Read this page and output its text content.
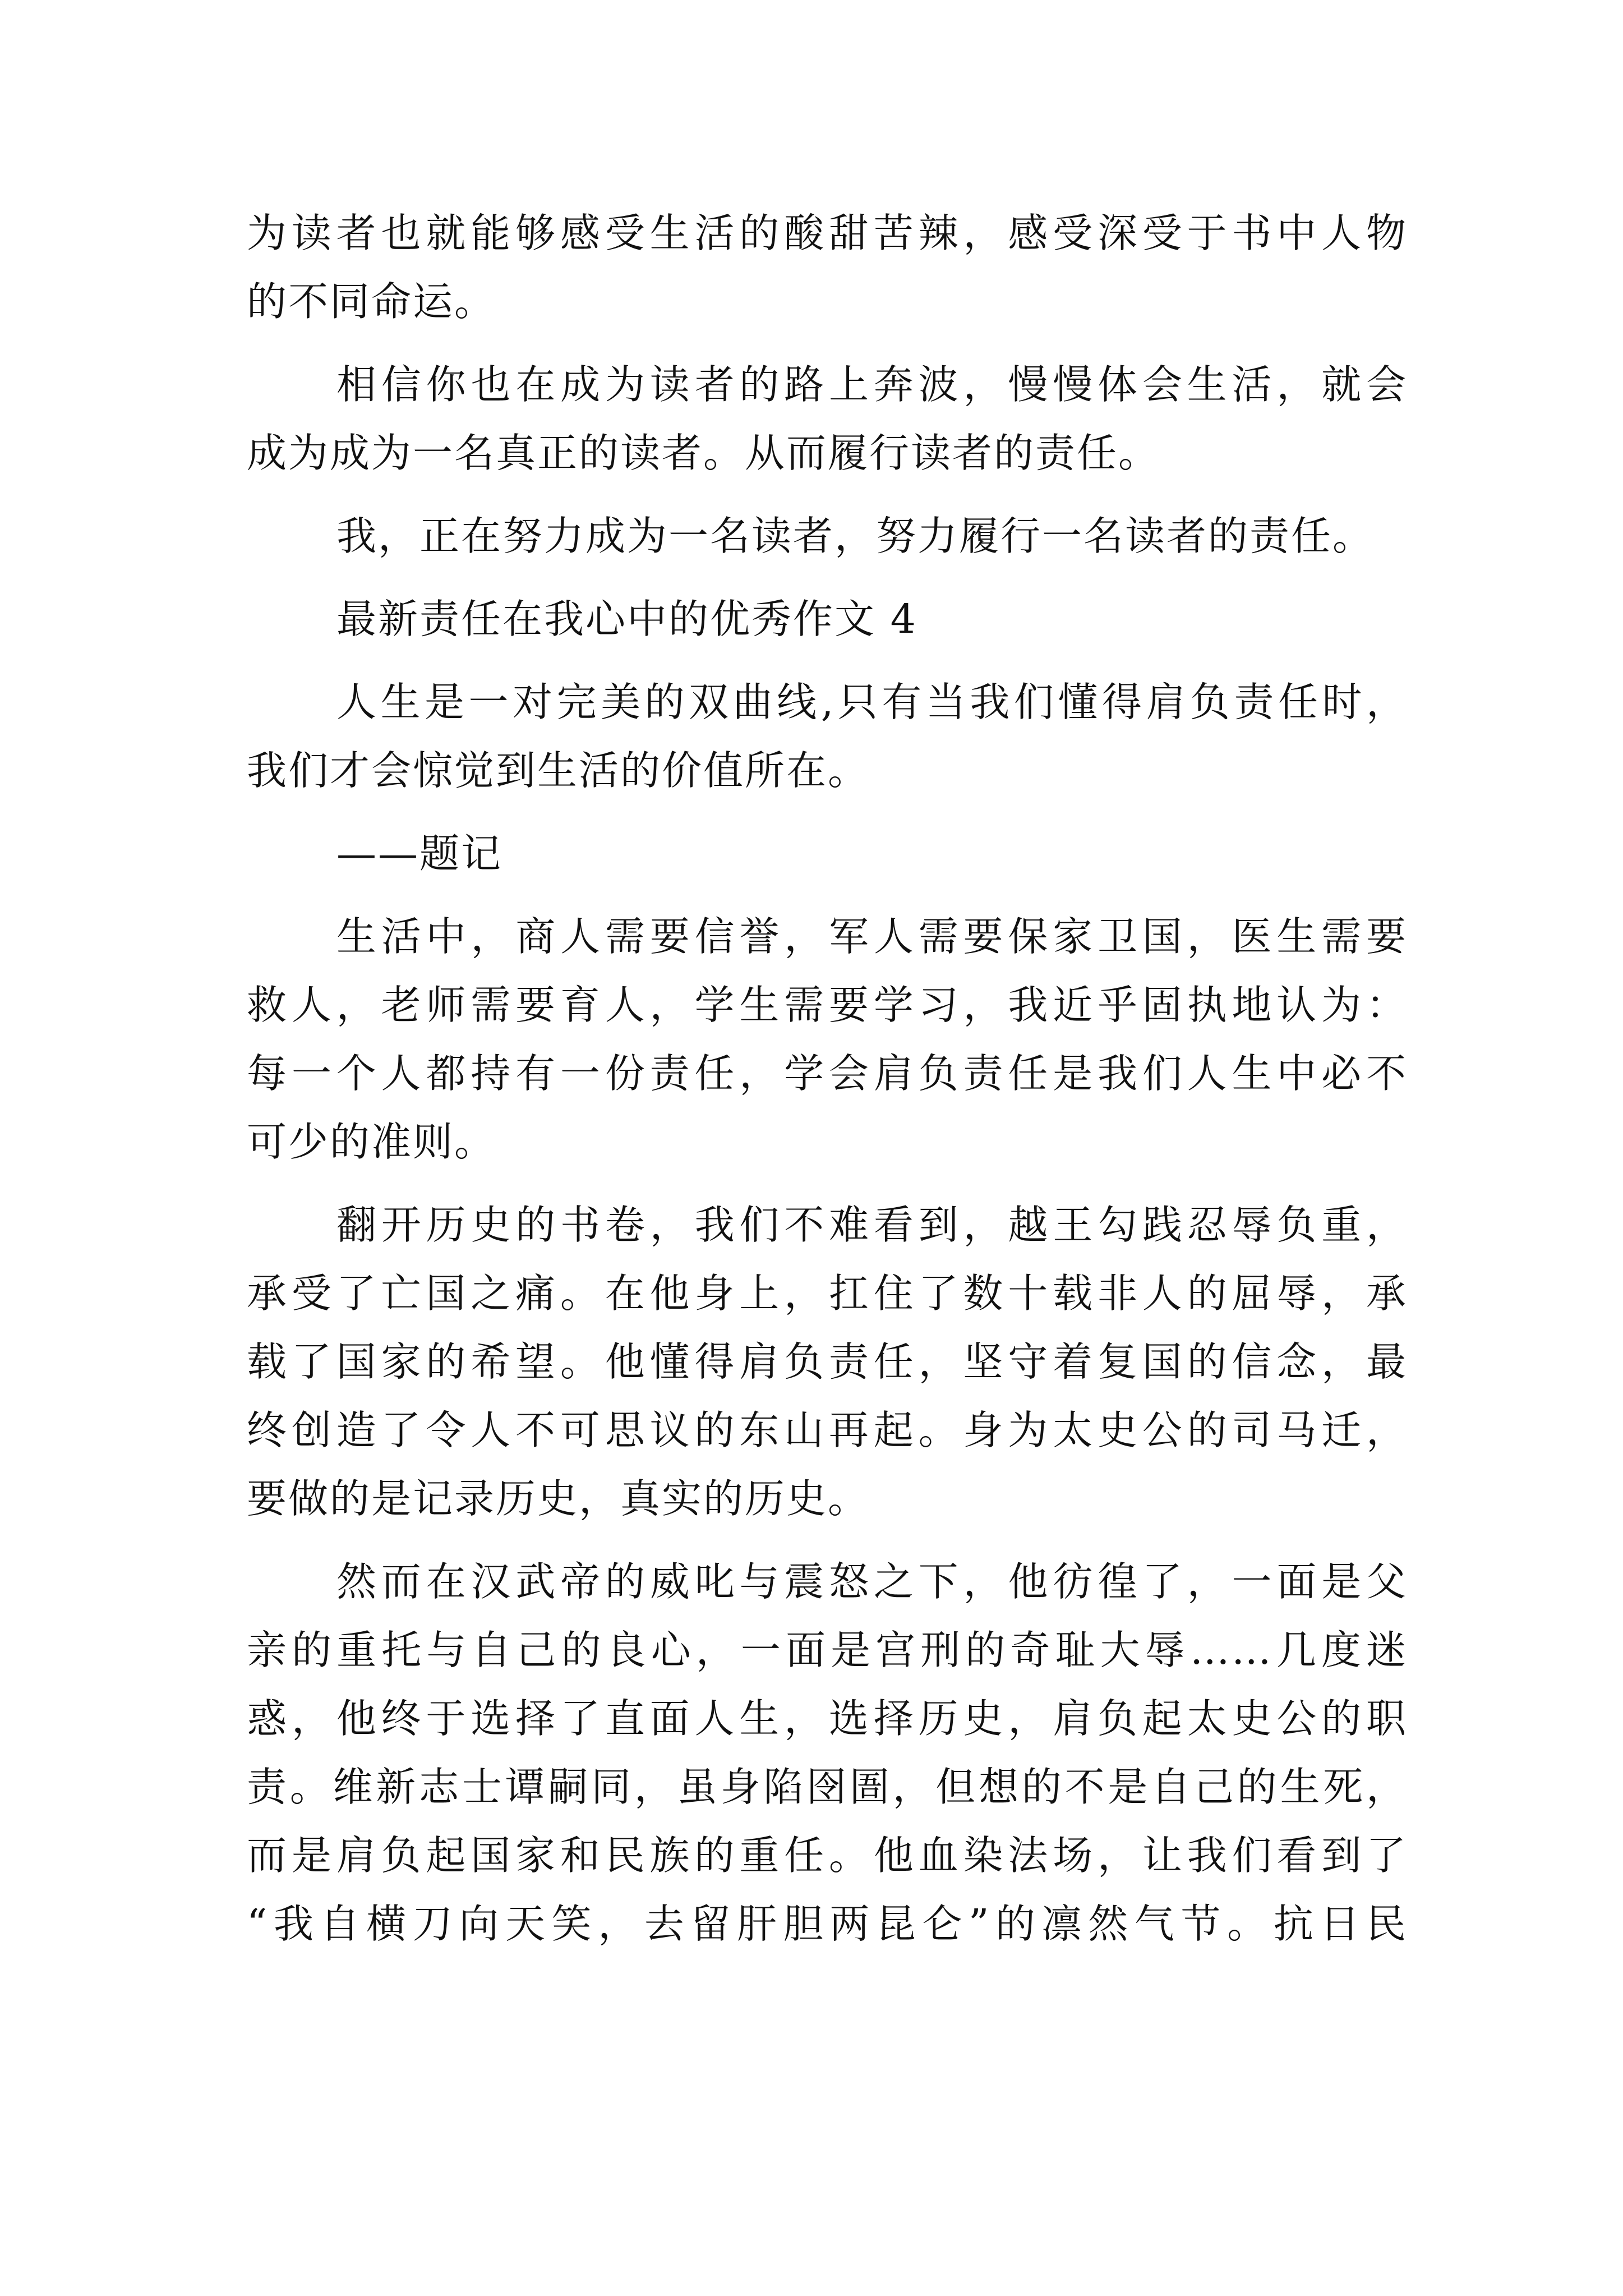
为读者也就能够感受生活的酸甜苦辣，感受深受于书中人物
的不同命运。
相信你也在成为读者的路上奔波，慢慢体会生活，就会
成为成为一名真正的读者。从而履行读者的责任。
我，正在努力成为一名读者，努力履行一名读者的责任。
最新责任在我心中的优秀作文 4
人生是一对完美的双曲线,只有当我们懂得肩负责任时，
我们才会惊觉到生活的价值所在。
——题记
生活中，商人需要信誉，军人需要保家卫国，医生需要
救人，老师需要育人，学生需要学习，我近乎固执地认为：
每一个人都持有一份责任，学会肩负责任是我们人生中必不
可少的准则。
翻开历史的书卷，我们不难看到，越王勾践忍辱负重，
承受了亡国之痛。在他身上，扛住了数十载非人的屈辱，承
载了国家的希望。他懂得肩负责任，坚守着复国的信念，最
终创造了令人不可思议的东山再起。身为太史公的司马迁，
要做的是记录历史，真实的历史。
然而在汉武帝的威叱与震怒之下，他彷徨了，一面是父
亲的重托与自己的良心，一面是宫刑的奇耻大辱……几度迷
惑，他终于选择了直面人生，选择历史，肩负起太史公的职
责。维新志士谭嗣同，虽身陷囹圄，但想的不是自己的生死，
而是肩负起国家和民族的重任。他血染法场，让我们看到了
“我自横刀向天笑，去留肝胆两昆仑”的凛然气节。抗日民
